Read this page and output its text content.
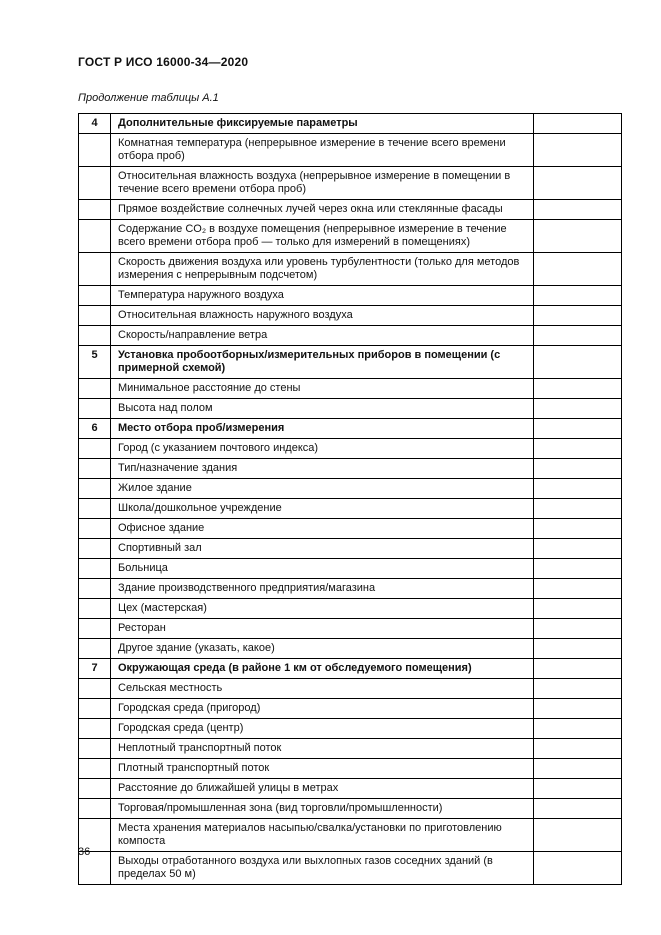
ГОСТ Р ИСО 16000-34—2020
Продолжение таблицы А.1
4	Дополнительные фиксируемые параметры	
	Комнатная температура (непрерывное измерение в течение всего времени отбора проб)	
	Относительная влажность воздуха (непрерывное измерение в помещении в течение всего времени отбора проб)	
	Прямое воздействие солнечных лучей через окна или стеклянные фасады	
	Содержание CO₂ в воздухе помещения (непрерывное измерение в течение всего времени отбора проб — только для измерений в помещениях)	
	Скорость движения воздуха или уровень турбулентности (только для методов измерения с непрерывным подсчетом)	
	Температура наружного воздуха	
	Относительная влажность наружного воздуха	
	Скорость/направление ветра	
5	Установка пробоотборных/измерительных приборов в помещении (с примерной схемой)	
	Минимальное расстояние до стены	
	Высота над полом	
6	Место отбора проб/измерения	
	Город (с указанием почтового индекса)	
	Тип/назначение здания	
	Жилое здание	
	Школа/дошкольное учреждение	
	Офисное здание	
	Спортивный зал	
	Больница	
	Здание производственного предприятия/магазина	
	Цех (мастерская)	
	Ресторан	
	Другое здание (указать, какое)	
7	Окружающая среда (в районе 1 км от обследуемого помещения)	
	Сельская местность	
	Городская среда (пригород)	
	Городская среда (центр)	
	Неплотный транспортный поток	
	Плотный транспортный поток	
	Расстояние до ближайшей улицы в метрах	
	Торговая/промышленная зона (вид торговли/промышленности)	
	Места хранения материалов насыпью/свалка/установки по приготовлению компоста	
	Выходы отработанного воздуха или выхлопных газов соседних зданий (в пределах 50 м)	
36
